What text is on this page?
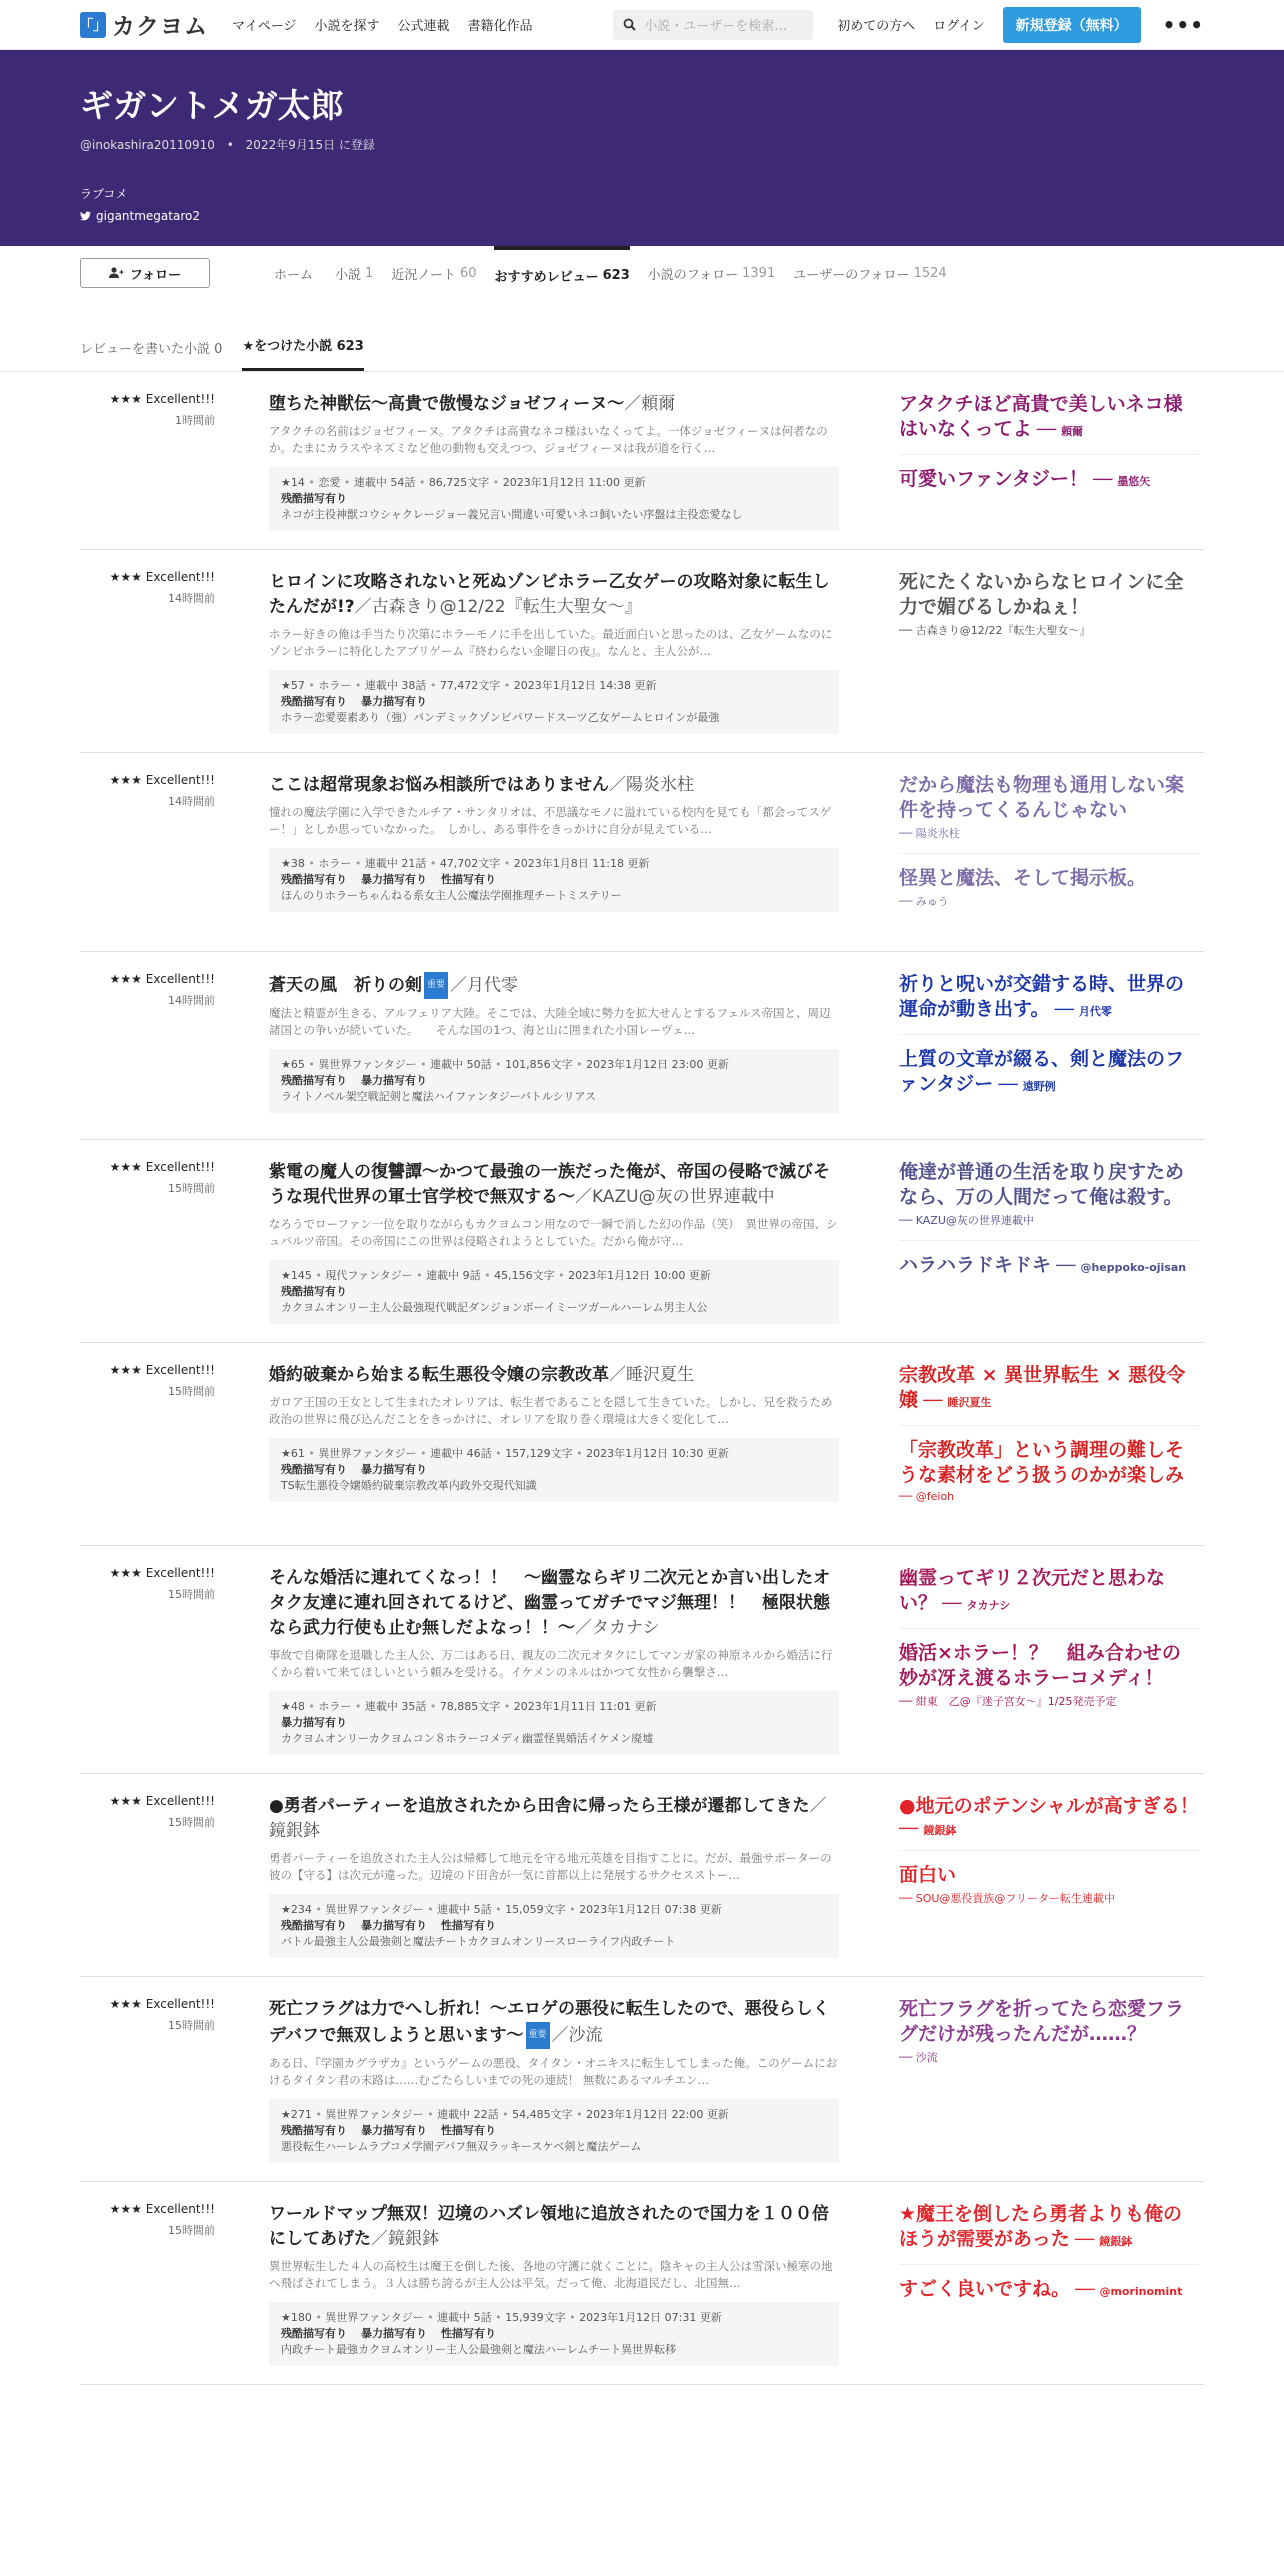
「」 カクヨム マイページ 小説を探す 公式連載 書籍化作品	小説・ユーザーを検索…	初めての方へ ログイン	新規登録（無料）	•••
ギガントメガ太郎
@inokashira20110910 • 2022年9月15日 に登録
ラブコメ
gigantmegataro2
フォロー	ホーム 小説 1 近況ノート 60 おすすめレビュー 623 小説のフォロー 1391 ユーザーのフォロー 1524
レビューを書いた小説 0 ★をつけた小説 623
★★★ Excellent!!!
1時間前
堕ちた神獣伝～高貴で傲慢なジョゼフィーヌ～／頼爾
アタクチの名前はジョゼフィーヌ。アタクチは高貴なネコ様はいなくってよ。一体ジョゼフィーヌは何者なのか。たまにカラスやネズミなど他の動物も交えつつ、ジョゼフィーヌは我が道を行く…
★14 • 恋愛 • 連載中 54話 • 86,725文字 • 2023年1月12日 11:00 更新
残酷描写有り
ネコが主役神獣コウシャクレージョー義兄言い間違い可愛いネコ飼いたい序盤は主役恋愛なし
アタクチほど高貴で美しいネコ様はいなくってよ ── 頼爾
可愛いファンタジー！ ── 墨悠矢
★★★ Excellent!!!
14時間前
ヒロインに攻略されないと死ぬゾンビホラー乙女ゲーの攻略対象に転生したんだが!?／古森きり@12/22『転生大聖女～』
ホラー好きの俺は手当たり次第にホラーモノに手を出していた。最近面白いと思ったのは、乙女ゲームなのにゾンビホラーに特化したアプリゲーム『終わらない金曜日の夜』。なんと、主人公が…
★57 • ホラー • 連載中 38話 • 77,472文字 • 2023年1月12日 14:38 更新
残酷描写有り 暴力描写有り
ホラー恋愛要素あり（強）パンデミックゾンビパワードスーツ乙女ゲームヒロインが最強
死にたくないからなヒロインに全力で媚びるしかねぇ！
── 古森きり@12/22『転生大聖女～』
★★★ Excellent!!!
14時間前
ここは超常現象お悩み相談所ではありません／陽炎氷柱
憧れの魔法学園に入学できたルチア・サンタリオは、不思議なモノに溢れている校内を見ても「都会ってスゲー！」としか思っていなかった。　しかし、ある事件をきっかけに自分が見えている…
★38 • ホラー • 連載中 21話 • 47,702文字 • 2023年1月8日 11:18 更新
残酷描写有り 暴力描写有り 性描写有り
ほんのりホラーちゃんねる系女主人公魔法学園推理チートミステリー
だから魔法も物理も通用しない案件を持ってくるんじゃない
── 陽炎氷柱
怪異と魔法、そして掲示板。
── みゅう
★★★ Excellent!!!
14時間前
蒼天の風　祈りの剣 重要 ／月代零
魔法と精霊が生きる、アルフェリア大陸。そこでは、大陸全域に勢力を拡大せんとするフェルス帝国と、周辺諸国との争いが続いていた。　　そんな国の1つ、海と山に囲まれた小国レーヴェ…
★65 • 異世界ファンタジー • 連載中 50話 • 101,856文字 • 2023年1月12日 23:00 更新
残酷描写有り 暴力描写有り
ライトノベル架空戦記剣と魔法ハイファンタジーバトルシリアス
祈りと呪いが交錯する時、世界の運命が動き出す。 ── 月代零
上質の文章が綴る、剣と魔法のファンタジー ── 遠野例
★★★ Excellent!!!
15時間前
紫電の魔人の復讐譚～かつて最強の一族だった俺が、帝国の侵略で滅びそうな現代世界の軍士官学校で無双する～／KAZU@灰の世界連載中
なろうでローファン一位を取りながらもカクヨムコン用なので一瞬で消した幻の作品（笑）　異世界の帝国、シュバルツ帝国。その帝国にこの世界は侵略されようとしていた。だから俺が守…
★145 • 現代ファンタジー • 連載中 9話 • 45,156文字 • 2023年1月12日 10:00 更新
残酷描写有り
カクヨムオンリー主人公最強現代戦記ダンジョンボーイミーツガールハーレム男主人公
俺達が普通の生活を取り戻すためなら、万の人間だって俺は殺す。
── KAZU@灰の世界連載中
ハラハラドキドキ ── @heppoko-ojisan
★★★ Excellent!!!
15時間前
婚約破棄から始まる転生悪役令嬢の宗教改革／睡沢夏生
ガロア王国の王女として生まれたオレリアは、転生者であることを隠して生きていた。しかし、兄を救うため政治の世界に飛び込んだことをきっかけに、オレリアを取り巻く環境は大きく変化して…
★61 • 異世界ファンタジー • 連載中 46話 • 157,129文字 • 2023年1月12日 10:30 更新
残酷描写有り 暴力描写有り
TS転生悪役令嬢婚約破棄宗教改革内政外交現代知識
宗教改革 × 異世界転生 × 悪役令嬢 ── 睡沢夏生
「宗教改革」という調理の難しそうな素材をどう扱うのかが楽しみ
── @feioh
★★★ Excellent!!!
15時間前
そんな婚活に連れてくなっ！！　～幽霊ならギリ二次元とか言い出したオタク友達に連れ回されてるけど、幽霊ってガチでマジ無理！！　極限状態なら武力行使も止む無しだよなっ！！～／タカナシ
事故で自衛隊を退職した主人公、万二はある日、親友の二次元オタクにしてマンガ家の神原ネルから婚活に行くから着いて来てほしいという頼みを受ける。イケメンのネルはかつて女性から襲撃さ…
★48 • ホラー • 連載中 35話 • 78,885文字 • 2023年1月11日 11:01 更新
暴力描写有り
カクヨムオンリーカクヨムコン８ホラーコメディ幽霊怪異婚活イケメン廃墟
幽霊ってギリ２次元だと思わない？ ── タカナシ
婚活×ホラー！？　組み合わせの妙が冴え渡るホラーコメディ！
── 紺東　乙@『迷子宮女～』1/25発売予定
★★★ Excellent!!!
15時間前
●勇者パーティーを追放されたから田舎に帰ったら王様が遷都してきた／鏡銀鉢
勇者パーティーを追放された主人公は帰郷して地元を守る地元英雄を目指すことに。だが、最強サポーターの彼の【守る】は次元が違った。辺境のド田舎が一気に首都以上に発展するサクセスストー…
★234 • 異世界ファンタジー • 連載中 5話 • 15,059文字 • 2023年1月12日 07:38 更新
残酷描写有り 暴力描写有り 性描写有り
バトル最強主人公最強剣と魔法チートカクヨムオンリースローライフ内政チート
●地元のポテンシャルが高すぎる！ ── 鏡銀鉢
面白い
── SOU@悪役貴族@フリーター転生連載中
★★★ Excellent!!!
15時間前
死亡フラグは力でへし折れ！～エロゲの悪役に転生したので、悪役らしくデバフで無双しようと思います～ 重要 ／沙流
ある日、『学園カグラザカ』というゲームの悪役、タイタン・オニキスに転生してしまった俺。このゲームにおけるタイタン君の末路は……むごたらしいまでの死の連続！ 無数にあるマルチエン…
★271 • 異世界ファンタジー • 連載中 22話 • 54,485文字 • 2023年1月12日 22:00 更新
残酷描写有り 暴力描写有り 性描写有り
悪役転生ハーレムラブコメ学園デバフ無双ラッキースケベ剣と魔法ゲーム
死亡フラグを折ってたら恋愛フラグだけが残ったんだが……？
── 沙流
★★★ Excellent!!!
15時間前
ワールドマップ無双！辺境のハズレ領地に追放されたので国力を１００倍にしてあげた／鏡銀鉢
異世界転生した４人の高校生は魔王を倒した後、各地の守護に就くことに。陰キャの主人公は雪深い極寒の地へ飛ばされてしまう。３人は勝ち誇るが主人公は平気。だって俺、北海道民だし、北国無…
★180 • 異世界ファンタジー • 連載中 5話 • 15,939文字 • 2023年1月12日 07:31 更新
残酷描写有り 暴力描写有り 性描写有り
内政チート最強カクヨムオンリー主人公最強剣と魔法ハーレムチート異世界転移
★魔王を倒したら勇者よりも俺のほうが需要があった ── 鏡銀鉢
すごく良いですね。 ── @morinomint
